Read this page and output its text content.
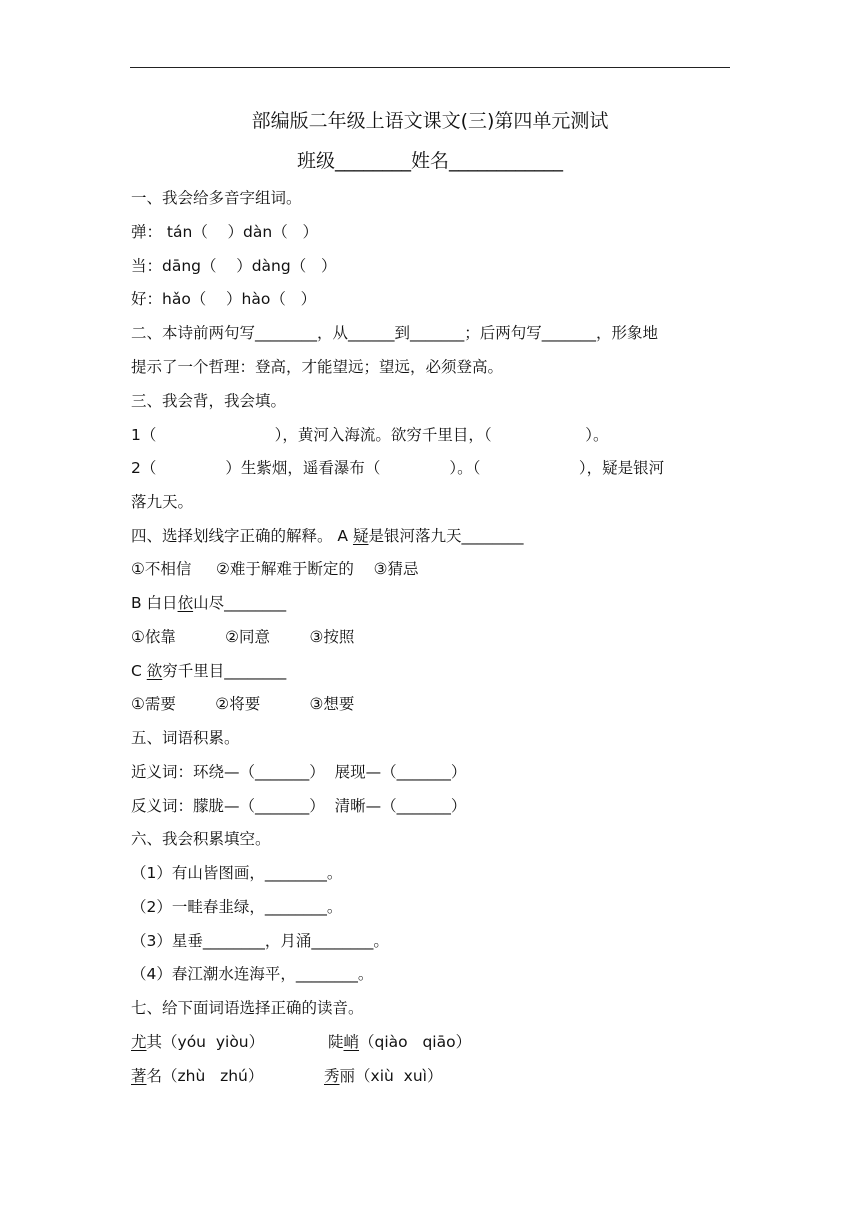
部编版二年级上语文课文(三)第四单元测试
班级________姓名____________
一、我会给多音字组词。
弹： tán（    ）dàn（   ）
当：dāng（    ）dàng（   ）
好：hǎo（    ）hào（   ）
二、本诗前两句写________，从______到_______；后两句写_______，形象地
提示了一个哲理：登高，才能望远；望远，必须登高。
三、我会背，我会填。
1（                        ），黄河入海流。欲穷千里目，（                   ）。
2（              ）生紫烟，遥看瀑布（              ）。（                    ），疑是银河
落九天。
四、选择划线字正确的解释。 A 疑是银河落九天________
①不相信     ②难于解难于断定的    ③猜忌
B 白日依山尽________
①依靠          ②同意        ③按照
C 欲穷千里目________
①需要        ②将要          ③想要
五、词语积累。
近义词：环绕—（_______）  展现—（_______）
反义词：朦胧—（_______）  清晰—（_______）
六、我会积累填空。
（1）有山皆图画，________。
（2）一畦春韭绿，________。
（3）星垂________，月涌________。
（4）春江潮水连海平，________。
七、给下面词语选择正确的读音。
尤其（yóu  yiòu）	陡峭（qiào   qiāo）
著名（zhù   zhú）	秀丽（xiù  xuì）
